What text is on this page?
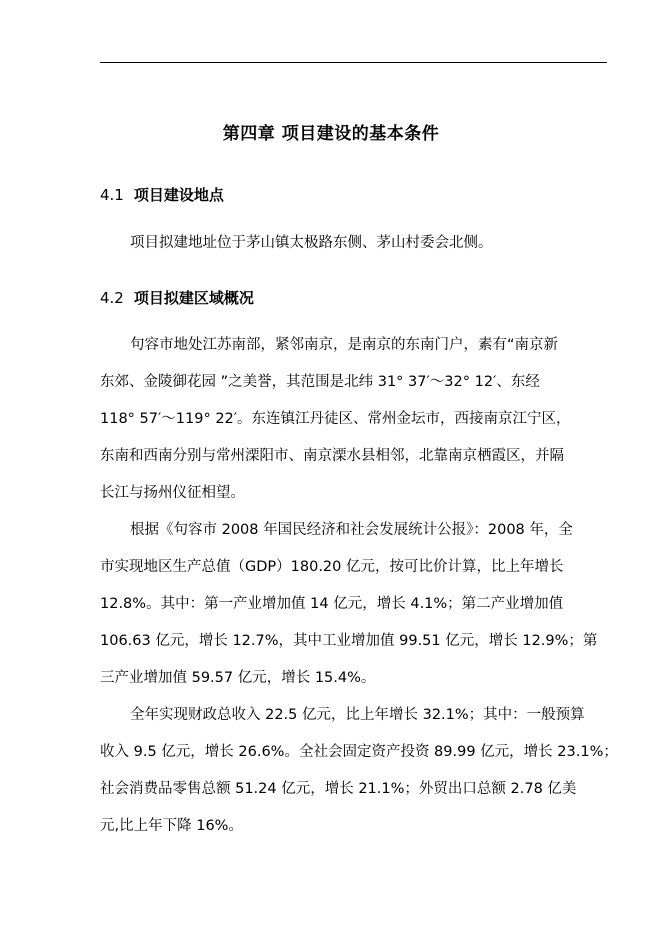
第四章 项目建设的基本条件
4.1 项目建设地点
项目拟建地址位于茅山镇太极路东侧、茅山村委会北侧。
4.2 项目拟建区域概况
句容市地处江苏南部，紧邻南京，是南京的东南门户，素有“南京新
东郊、金陵御花园 ”之美誉，其范围是北纬 31° 37′～32° 12′、东经
118° 57′～119° 22′。东连镇江丹徒区、常州金坛市，西接南京江宁区，
东南和西南分别与常州溧阳市、南京溧水县相邻，北靠南京栖霞区，并隔
长江与扬州仪征相望。
根据《句容市 2008 年国民经济和社会发展统计公报》：2008 年，全
市实现地区生产总值（GDP）180.20 亿元，按可比价计算，比上年增长
12.8%。其中：第一产业增加值 14 亿元，增长 4.1%；第二产业增加值
106.63 亿元，增长 12.7%，其中工业增加值 99.51 亿元，增长 12.9%；第
三产业增加值 59.57 亿元，增长 15.4%。
全年实现财政总收入 22.5 亿元，比上年增长 32.1%；其中：一般预算
收入 9.5 亿元，增长 26.6%。全社会固定资产投资 89.99 亿元，增长 23.1%；
社会消费品零售总额 51.24 亿元，增长 21.1%；外贸出口总额 2.78 亿美
元,比上年下降 16%。
